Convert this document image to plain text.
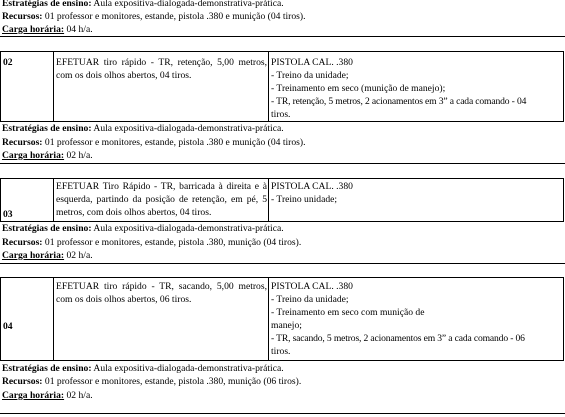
Estratégias de ensino: Aula expositiva-dialogada-demonstrativa-prática.
Recursos: 01 professor e monitores, estande, pistola .380 e munição (04 tiros).
Carga horária: 04 h/a.
02	EFETUAR tiro rápido - TR, retenção, 5,00 metros, com os dois olhos abertos, 04 tiros.
PISTOLA CAL. .380
- Treino da unidade;
- Treinamento em seco (munição de manejo);
- TR, retenção, 5 metros, 2 acionamentos em 3” a cada comando - 04
tiros.
Estratégias de ensino: Aula expositiva-dialogada-demonstrativa-prática.
Recursos: 01 professor e monitores, estande, pistola .380 e munição (04 tiros).
Carga horária: 02 h/a.
03
EFETUAR Tiro Rápido - TR, barricada à direita e à esquerda, partindo da posição de retenção, em pé, 5 metros, com dois olhos abertos, 04 tiros.
PISTOLA CAL. .380
- Treino unidade;
Estratégias de ensino: Aula expositiva-dialogada-demonstrativa-prática.
Recursos: 01 professor e monitores, estande, pistola .380, munição (04 tiros).
Carga horária: 02 h/a.
04
EFETUAR tiro rápido - TR, sacando, 5,00 metros, com os dois olhos abertos, 06 tiros.
PISTOLA CAL. .380
- Treino da unidade;
- Treinamento em seco com munição de
manejo;
- TR, sacando, 5 metros, 2 acionamentos em 3” a cada comando - 06
tiros.
Estratégias de ensino: Aula expositiva-dialogada-demonstrativa-prática.
Recursos: 01 professor e monitores, estande, pistola .380, munição (06 tiros).
Carga horária: 02 h/a.
